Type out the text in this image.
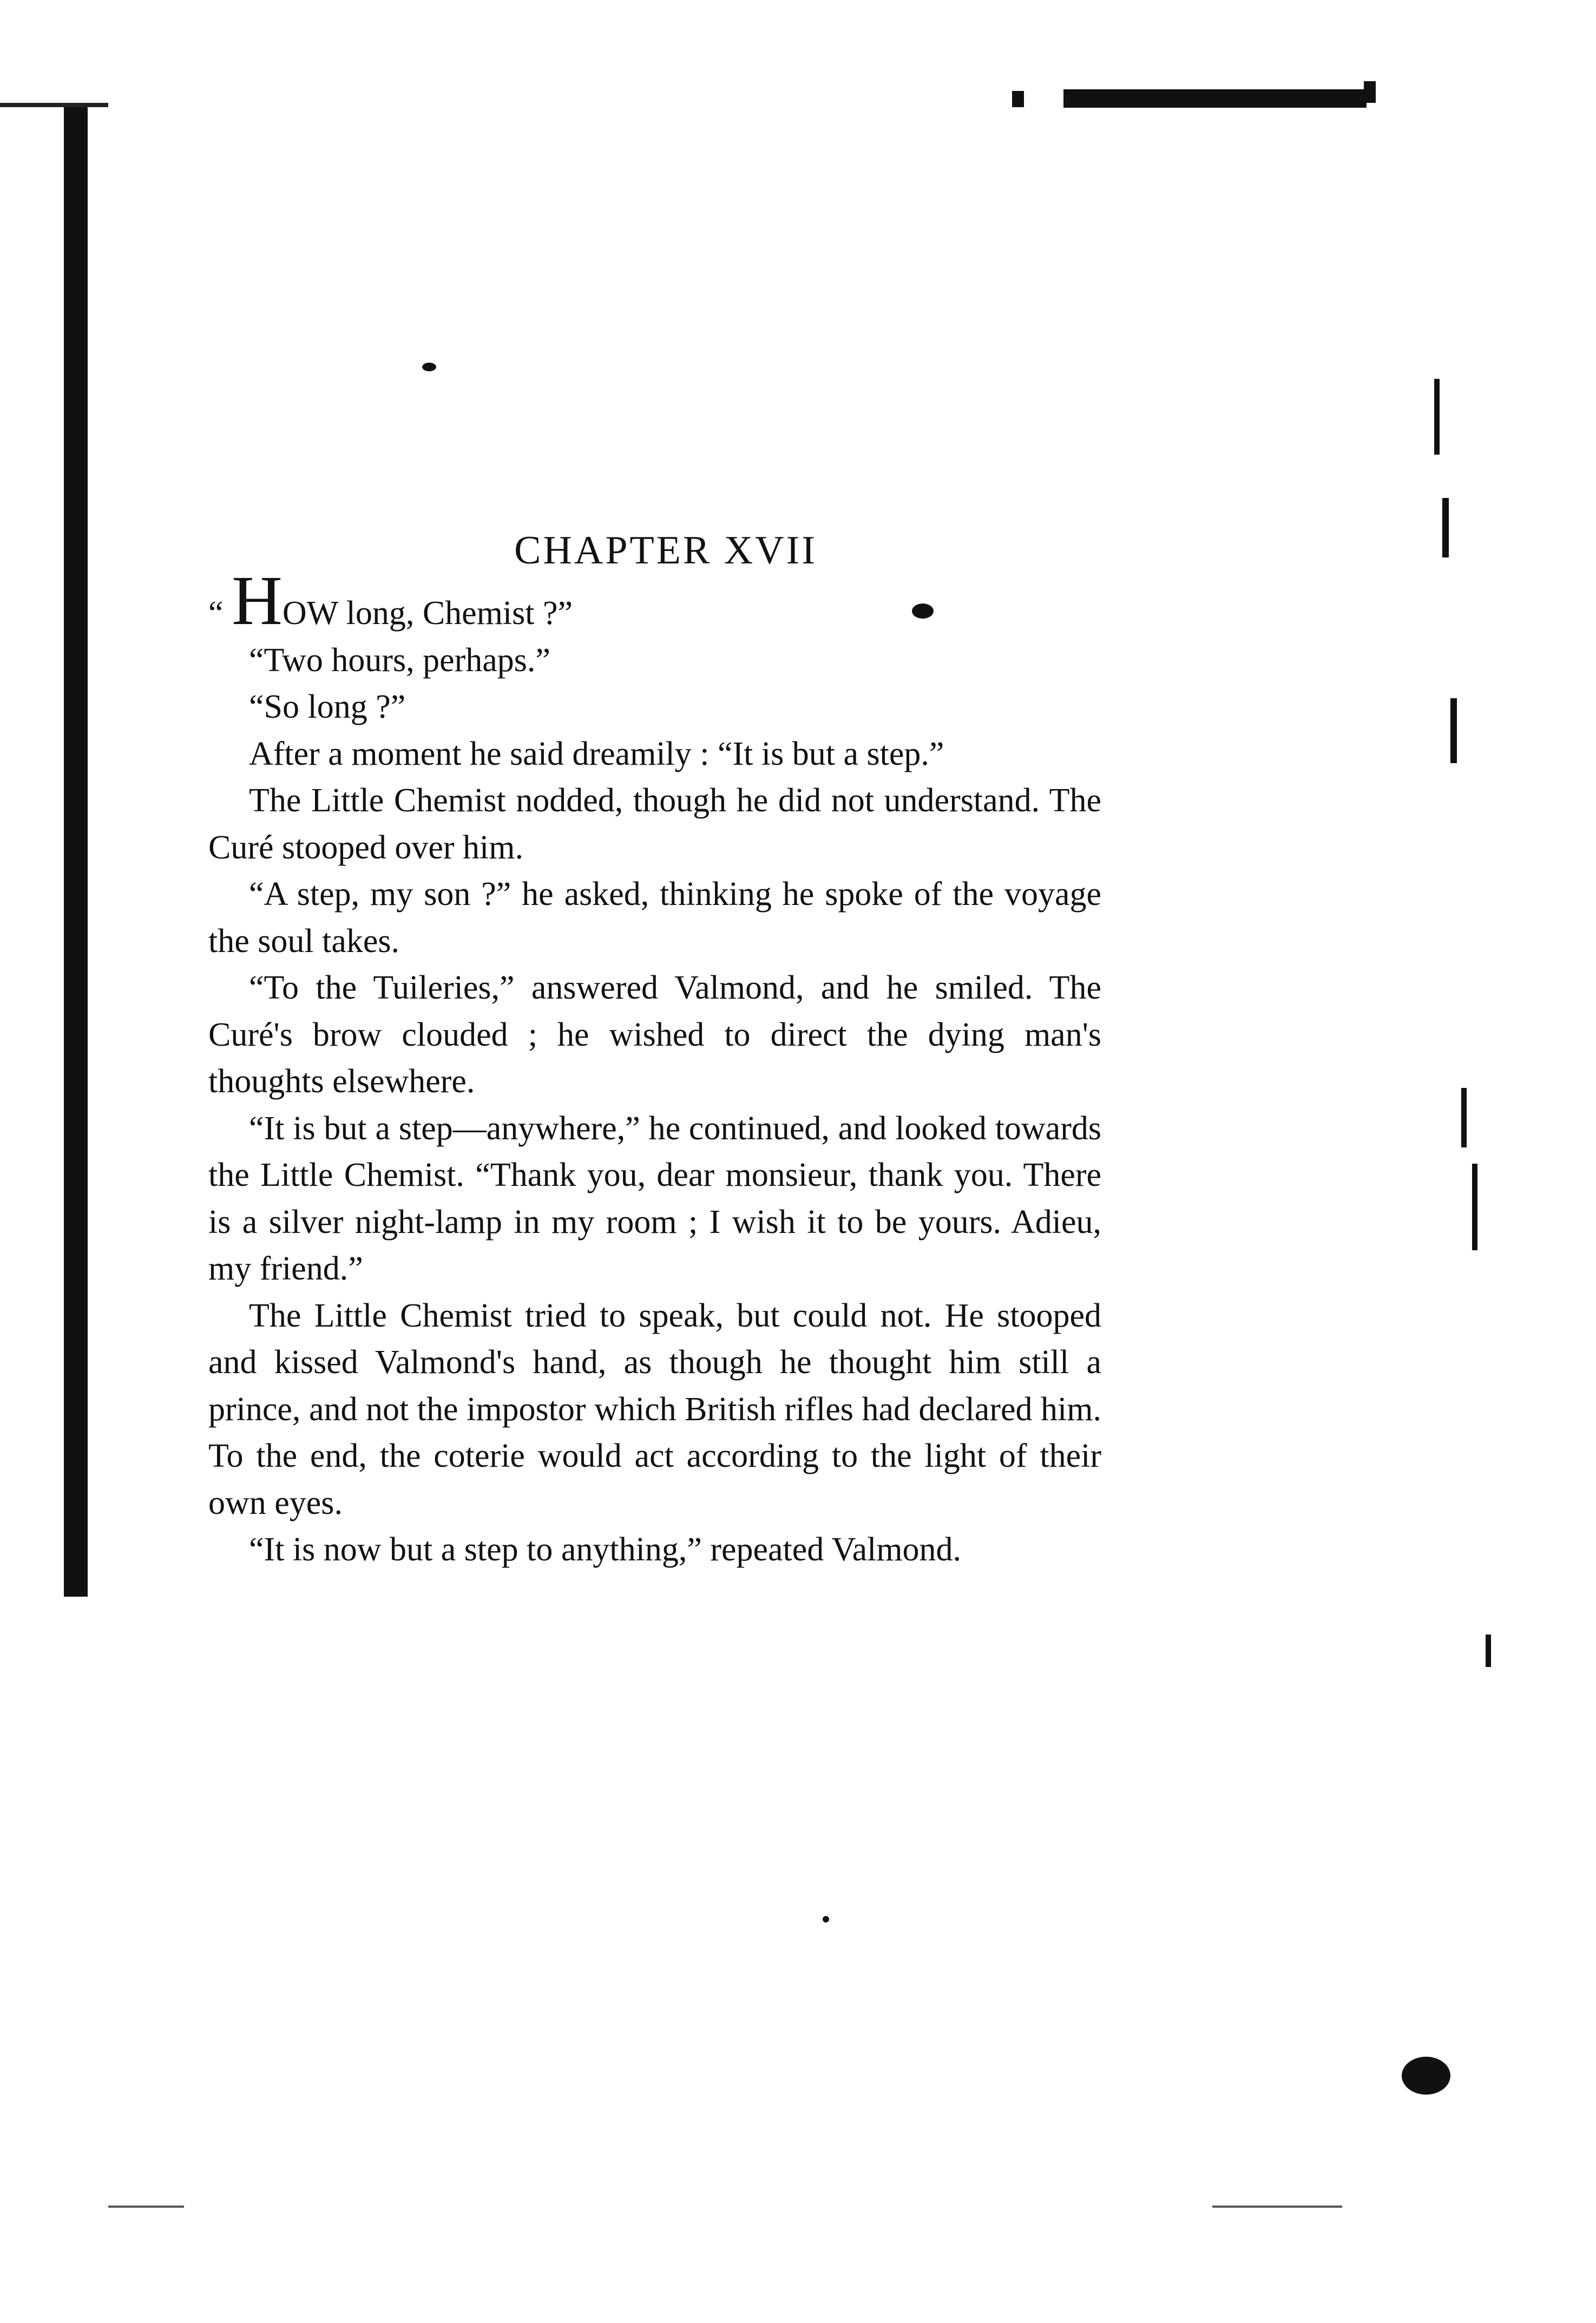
CHAPTER XVII

“ HOW long, Chemist ?”

“Two hours, perhaps.”

“So long ?”

After a moment he said dreamily : “It is but a step.”

The Little Chemist nodded, though he did not understand. The Curé stooped over him.

“A step, my son ?” he asked, thinking he spoke of the voyage the soul takes.

“To the Tuileries,” answered Valmond, and he smiled. The Curé's brow clouded ; he wished to direct the dying man's thoughts elsewhere.

“It is but a step—anywhere,” he continued, and looked towards the Little Chemist. “Thank you, dear monsieur, thank you. There is a silver night-lamp in my room ; I wish it to be yours. Adieu, my friend.”

The Little Chemist tried to speak, but could not. He stooped and kissed Valmond's hand, as though he thought him still a prince, and not the impostor which British rifles had declared him. To the end, the coterie would act according to the light of their own eyes.

“It is now but a step to anything,” repeated Valmond.
